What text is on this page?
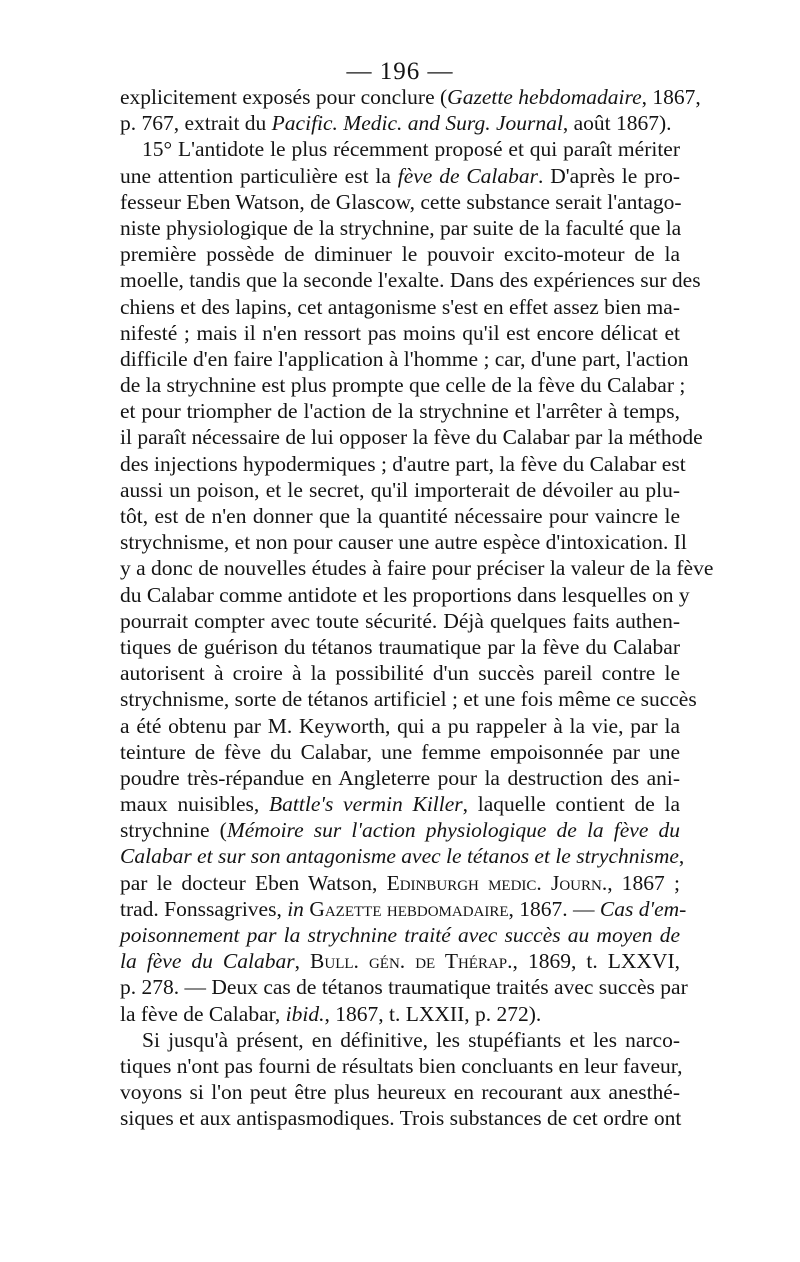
— 196 —
explicitement exposés pour conclure (Gazette hebdomadaire, 1867,
p. 767, extrait du Pacific. Medic. and Surg. Journal, août 1867).
15° L'antidote le plus récemment proposé et qui paraît mériter
une attention particulière est la fève de Calabar. D'après le pro-
fesseur Eben Watson, de Glascow, cette substance serait l'antago-
niste physiologique de la strychnine, par suite de la faculté que la
première possède de diminuer le pouvoir excito-moteur de la
moelle, tandis que la seconde l'exalte. Dans des expériences sur des
chiens et des lapins, cet antagonisme s'est en effet assez bien ma-
nifesté ; mais il n'en ressort pas moins qu'il est encore délicat et
difficile d'en faire l'application à l'homme ; car, d'une part, l'action
de la strychnine est plus prompte que celle de la fève du Calabar ;
et pour triompher de l'action de la strychnine et l'arrêter à temps,
il paraît nécessaire de lui opposer la fève du Calabar par la méthode
des injections hypodermiques ; d'autre part, la fève du Calabar est
aussi un poison, et le secret, qu'il importerait de dévoiler au plu-
tôt, est de n'en donner que la quantité nécessaire pour vaincre le
strychnisme, et non pour causer une autre espèce d'intoxication. Il
y a donc de nouvelles études à faire pour préciser la valeur de la fève
du Calabar comme antidote et les proportions dans lesquelles on y
pourrait compter avec toute sécurité. Déjà quelques faits authen-
tiques de guérison du tétanos traumatique par la fève du Calabar
autorisent à croire à la possibilité d'un succès pareil contre le
strychnisme, sorte de tétanos artificiel ; et une fois même ce succès
a été obtenu par M. Keyworth, qui a pu rappeler à la vie, par la
teinture de fève du Calabar, une femme empoisonnée par une
poudre très-répandue en Angleterre pour la destruction des ani-
maux nuisibles, Battle's vermin Killer, laquelle contient de la
strychnine (Mémoire sur l'action physiologique de la fève du
Calabar et sur son antagonisme avec le tétanos et le strychnisme,
par le docteur Eben Watson, Edinburgh medic. Journ., 1867 ;
trad. Fonssagrives, in Gazette hebdomadaire, 1867. — Cas d'em-
poisonnement par la strychnine traité avec succès au moyen de
la fève du Calabar, Bull. gén. de Thérap., 1869, t. LXXVI,
p. 278. — Deux cas de tétanos traumatique traités avec succès par
la fève de Calabar, ibid., 1867, t. LXXII, p. 272).
Si jusqu'à présent, en définitive, les stupéfiants et les narco-
tiques n'ont pas fourni de résultats bien concluants en leur faveur,
voyons si l'on peut être plus heureux en recourant aux anesthé-
siques et aux antispasmodiques. Trois substances de cet ordre ont
